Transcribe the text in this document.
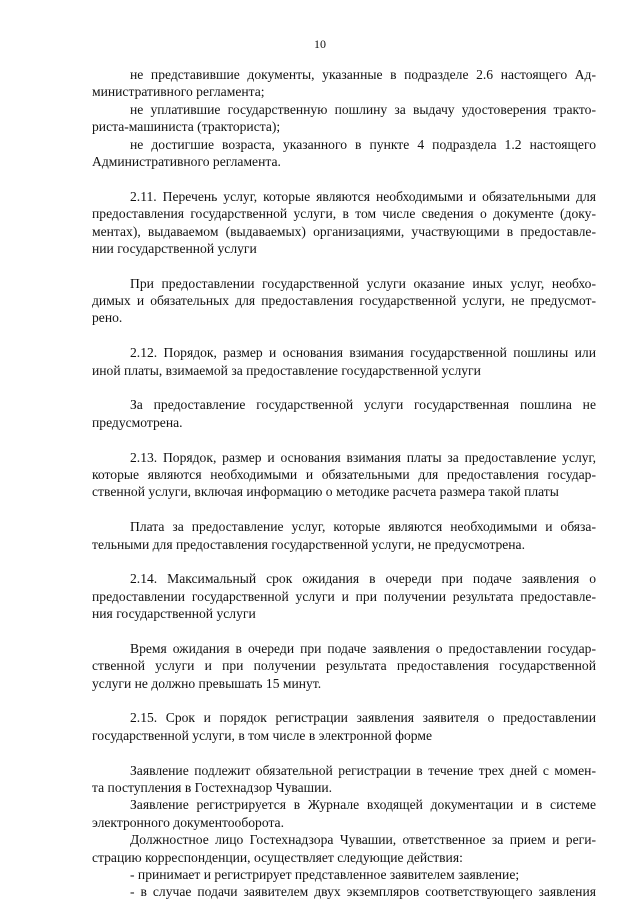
10
не представившие документы, указанные в подразделе 2.6 настоящего Ад-
министративного регламента;
не уплатившие государственную пошлину за выдачу удостоверения тракто-
риста-машиниста (тракториста);
не достигшие возраста, указанного в пункте 4 подраздела 1.2 настоящего
Административного регламента.
2.11. Перечень услуг, которые являются необходимыми и обязательными для
предоставления государственной услуги, в том числе сведения о документе (доку-
ментах), выдаваемом (выдаваемых) организациями, участвующими в предоставле-
нии государственной услуги
При предоставлении государственной услуги оказание иных услуг, необхо-
димых и обязательных для предоставления государственной услуги, не предусмот-
рено.
2.12. Порядок, размер и основания взимания государственной пошлины или
иной платы, взимаемой за предоставление государственной услуги
За предоставление государственной услуги государственная пошлина не
предусмотрена.
2.13. Порядок, размер и основания взимания платы за предоставление услуг,
которые являются необходимыми и обязательными для предоставления государ-
ственной услуги, включая информацию о методике расчета размера такой платы
Плата за предоставление услуг, которые являются необходимыми и обяза-
тельными для предоставления государственной услуги, не предусмотрена.
2.14. Максимальный срок ожидания в очереди при подаче заявления о
предоставлении государственной услуги и при получении результата предоставле-
ния государственной услуги
Время ожидания в очереди при подаче заявления о предоставлении государ-
ственной услуги и при получении результата предоставления государственной
услуги не должно превышать 15 минут.
2.15. Срок и порядок регистрации заявления заявителя о предоставлении
государственной услуги, в том числе в электронной форме
Заявление подлежит обязательной регистрации в течение трех дней с момен-
та поступления в Гостехнадзор Чувашии.
Заявление регистрируется в Журнале входящей документации и в системе
электронного документооборота.
Должностное лицо Гостехнадзора Чувашии, ответственное за прием и реги-
страцию корреспонденции, осуществляет следующие действия:
- принимает и регистрирует представленное заявителем заявление;
- в случае подачи заявителем двух экземпляров соответствующего заявления
